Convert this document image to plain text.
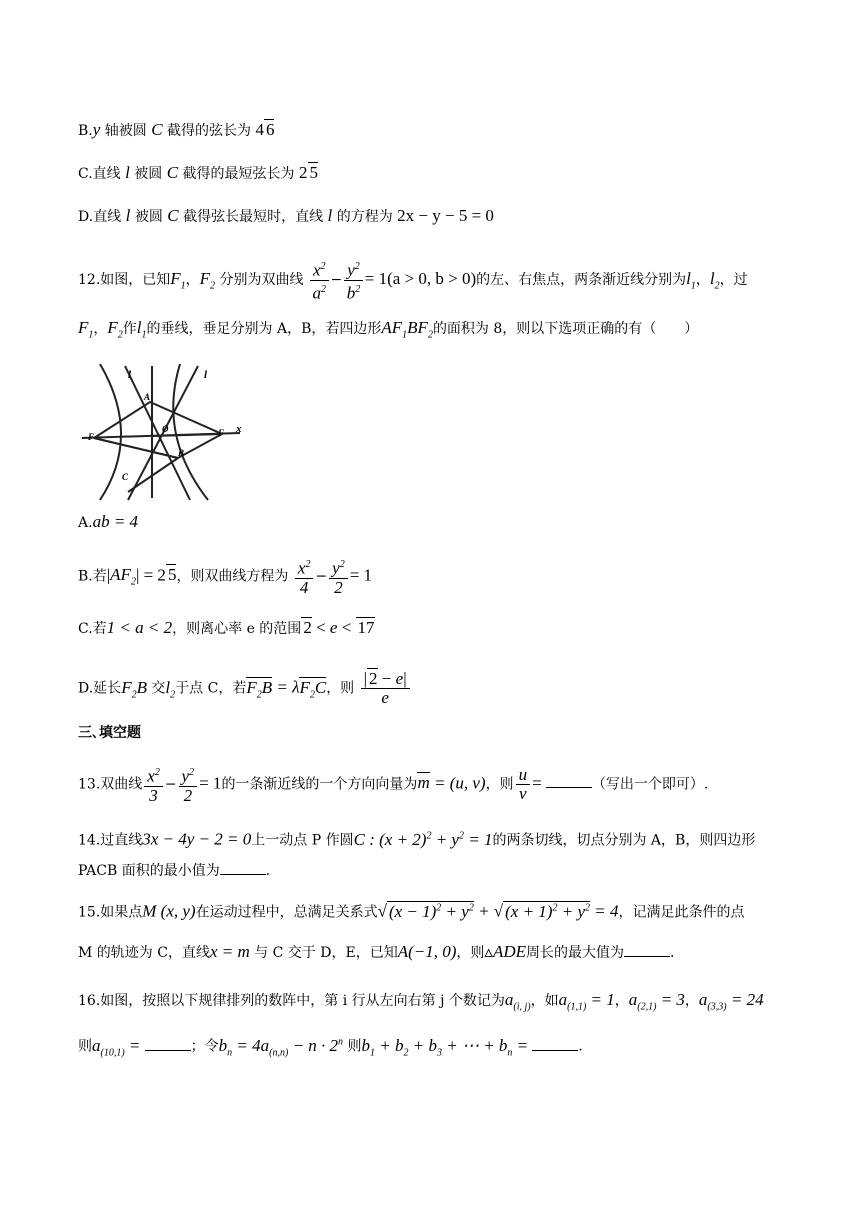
B.y 轴被圆 C 截得的弦长为 4 6
C.直线 l 被圆 C 截得的最短弦长为 2 5
D.直线 l 被圆 C 截得弦长最短时，直线 l 的方程为 2x − y − 5 = 0
12.如图，已知$F_1$，$F_2$ 分别为双曲线 $\frac{x^2}{a^2} - \frac{y^2}{b^2} = 1(a > 0$, b > 0)的左、右焦点，两条渐近线分别为$l_1$，$l_2$，过
$F_1$，$F_2$作$l_1$的垂线，垂足分别为 A，B，若四边形$AF_1BF_2$的面积为 8，则以下选项正确的有（　　）
l	l
A
O
B
C
F	F x
A.ab = 4
B.若$|AF_2| = 2$ 5，则双曲线方程为 $\frac{x^2}{4} - \frac{y^2}{2} = 1$
C.若1 < a < 2，则离心率 e 的范围 2 < e < 17
D.延长$F_2B$ 交$l_2$于点 C，若$F_2B = \lambda F_2C$，则 $\frac{| 2 - e|}{e}$
三､填空题
13.双曲线 $\frac{x^2}{3} - \frac{y^2}{2} = 1$的一条渐近线的一个方向向量为m = (u, v)，则 $\frac{u}{v}$ =	（写出一个即可）.
14.过直线3x − 4y − 2 = 0上一动点 P 作圆C : $(x + 2)^2 + y^2 = 1$的两条切线，切点分别为 A，B，则四边形
PACB 面积的最小值为	.
15.如果点M (x, y)在运动过程中，总满足关系式√ $(x - 1)^2 + y^2$ + √ $(x + 1)^2 + y^2 = 4$，记满足此条件的点
M 的轨迹为 C，直线x = m 与 C 交于 D，E，已知A(−1, 0)，则▵ADE周长的最大值为	.
16.如图，按照以下规律排列的数阵中，第 i 行从左向右第 j 个数记为$a_{(i, j)}$，如$a_{(1,1)} = 1$，$a_{(2,1)} = 3$，$a_{(3,3)} = 24$
则$a_{(10,1)}$ =	；令$b_n = 4a_{(n,n)} - n \cdot 2^n$ 则$b_1 + b_2 + b_3$ + ⋯ + $b_n$ =	.
